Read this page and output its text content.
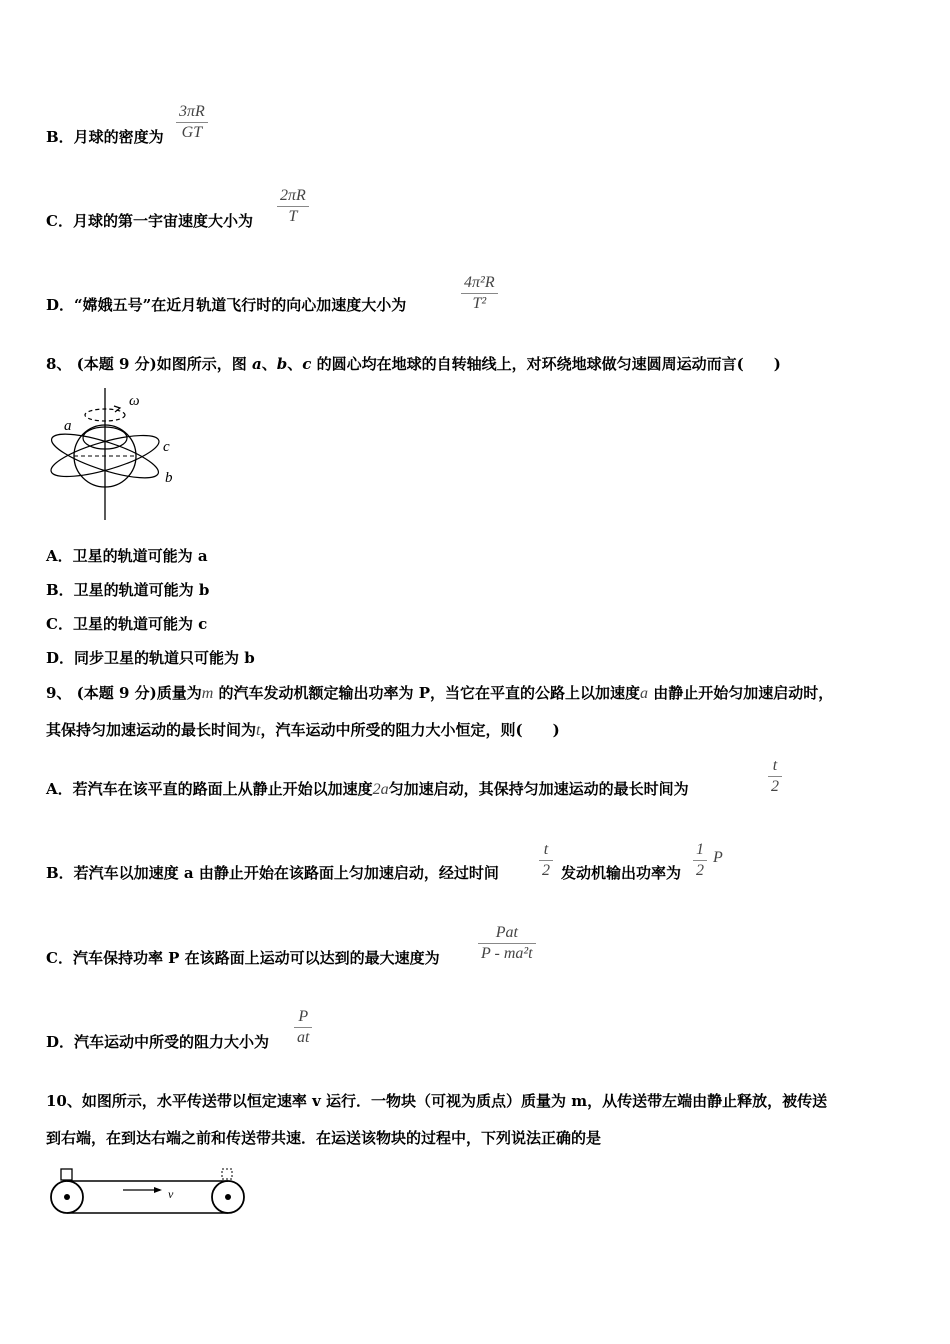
B．月球的密度为 $\frac{3\pi R}{GT}$
C．月球的第一宇宙速度大小为 $\frac{2\pi R}{T}$
D．“嫦娥五号”在近月轨道飞行时的向心加速度大小为	$\frac{\text{4π²R}}{\text{T²}}$
8、 (本题 9 分)如图所示，图 a、b、c 的圆心均在地球的自转轴线上，对环绕地球做匀速圆周运动而言(　　)
ω
a
c
b
A．卫星的轨道可能为 a
B．卫星的轨道可能为 b
C．卫星的轨道可能为 c
D．同步卫星的轨道只可能为 b
9、 (本题 9 分)质量为m 的汽车发动机额定输出功率为 P，当它在平直的公路上以加速度a 由静止开始匀加速启动时，
其保持匀加速运动的最长时间为t，汽车运动中所受的阻力大小恒定，则(　　)
A．若汽车在该平直的路面上从静止开始以加速度2a匀加速启动，其保持匀加速运动的最长时间为	$\frac{t}{2}$
B．若汽车以加速度 a 由静止开始在该路面上匀加速启动，经过时间	$\frac{t}{2}$ 发动机输出功率为 $\frac{1}{2}$ P
C．汽车保持功率 P 在该路面上运动可以达到的最大速度为
Pat
P - ma²t
D．汽车运动中所受的阻力大小为 $\frac{P}{at}$
10、如图所示，水平传送带以恒定速率 v 运行．一物块（可视为质点）质量为 m，从传送带左端由静止释放，被传送
到右端，在到达右端之前和传送带共速．在运送该物块的过程中，下列说法正确的是
v
